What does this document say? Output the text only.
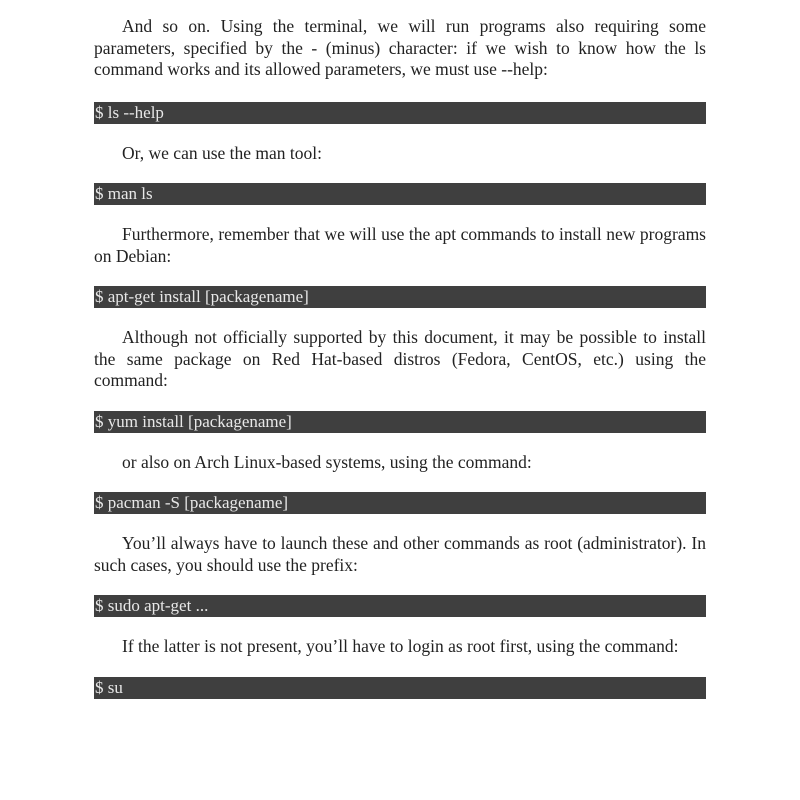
And so on. Using the terminal, we will run programs also requiring some parameters, specified by the - (minus) character: if we wish to know how the ls command works and its allowed parameters, we must use --help:

$ ls --help

Or, we can use the man tool:

$ man ls

Furthermore, remember that we will use the apt commands to install new programs on Debian:

$ apt-get install [packagename]

Although not officially supported by this document, it may be possible to install the same package on Red Hat-based distros (Fedora, CentOS, etc.) using the command:

$ yum install [packagename]

or also on Arch Linux-based systems, using the command:

$ pacman -S [packagename]

You’ll always have to launch these and other commands as root (administrator). In such cases, you should use the prefix:

$ sudo apt-get ...

If the latter is not present, you’ll have to login as root first, using the command:

$ su
